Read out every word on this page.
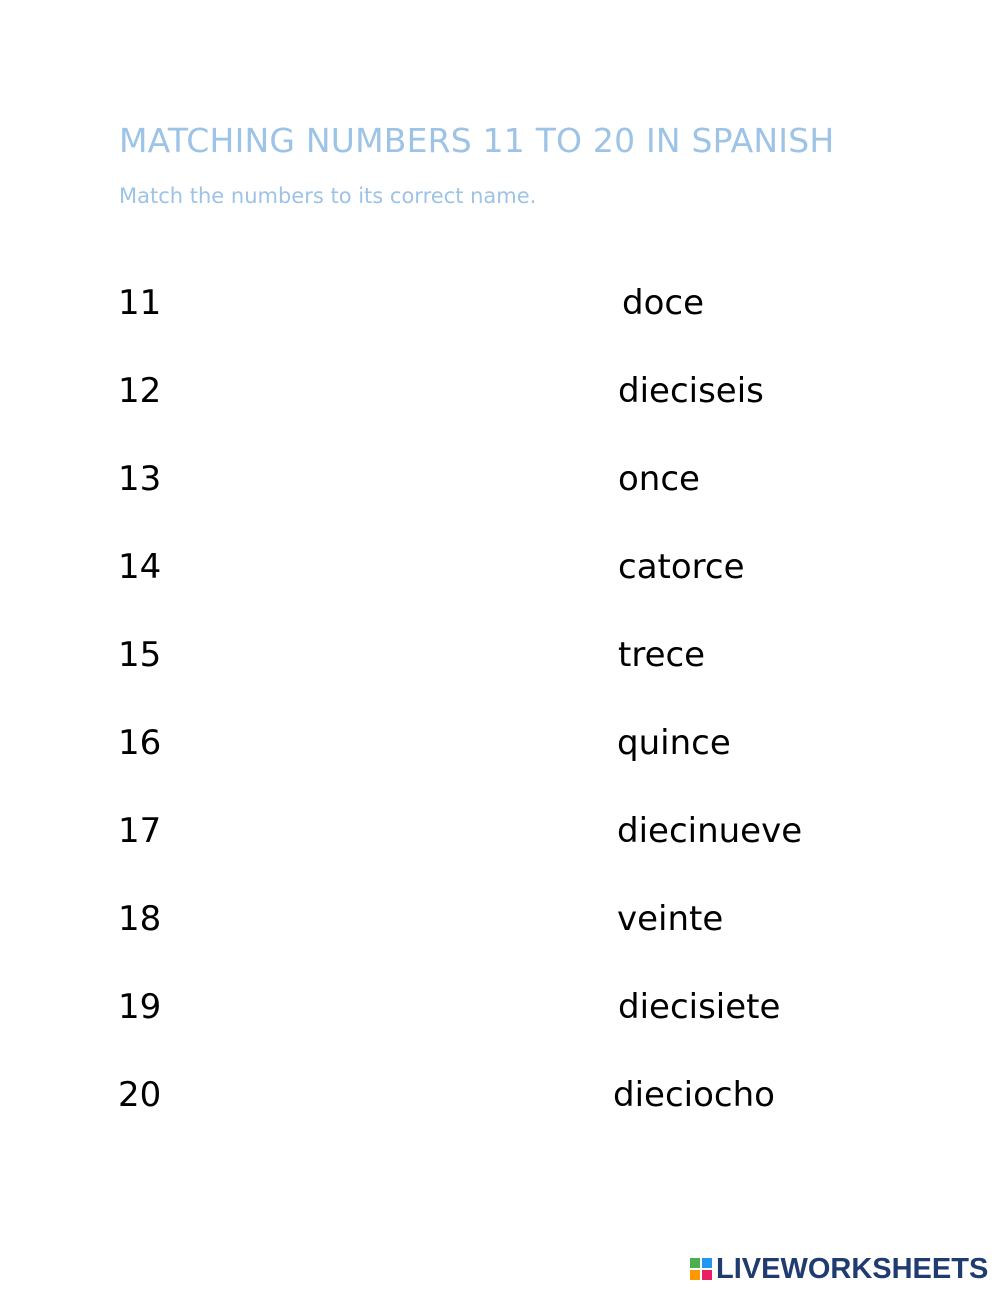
MATCHING NUMBERS 11 TO 20 IN SPANISH
Match the numbers to its correct name.
11
12
13
14
15
16
17
18
19
20
doce
dieciseis
once
catorce
trece
quince
diecinueve
veinte
diecisiete
dieciocho
LIVEWORKSHEETS
